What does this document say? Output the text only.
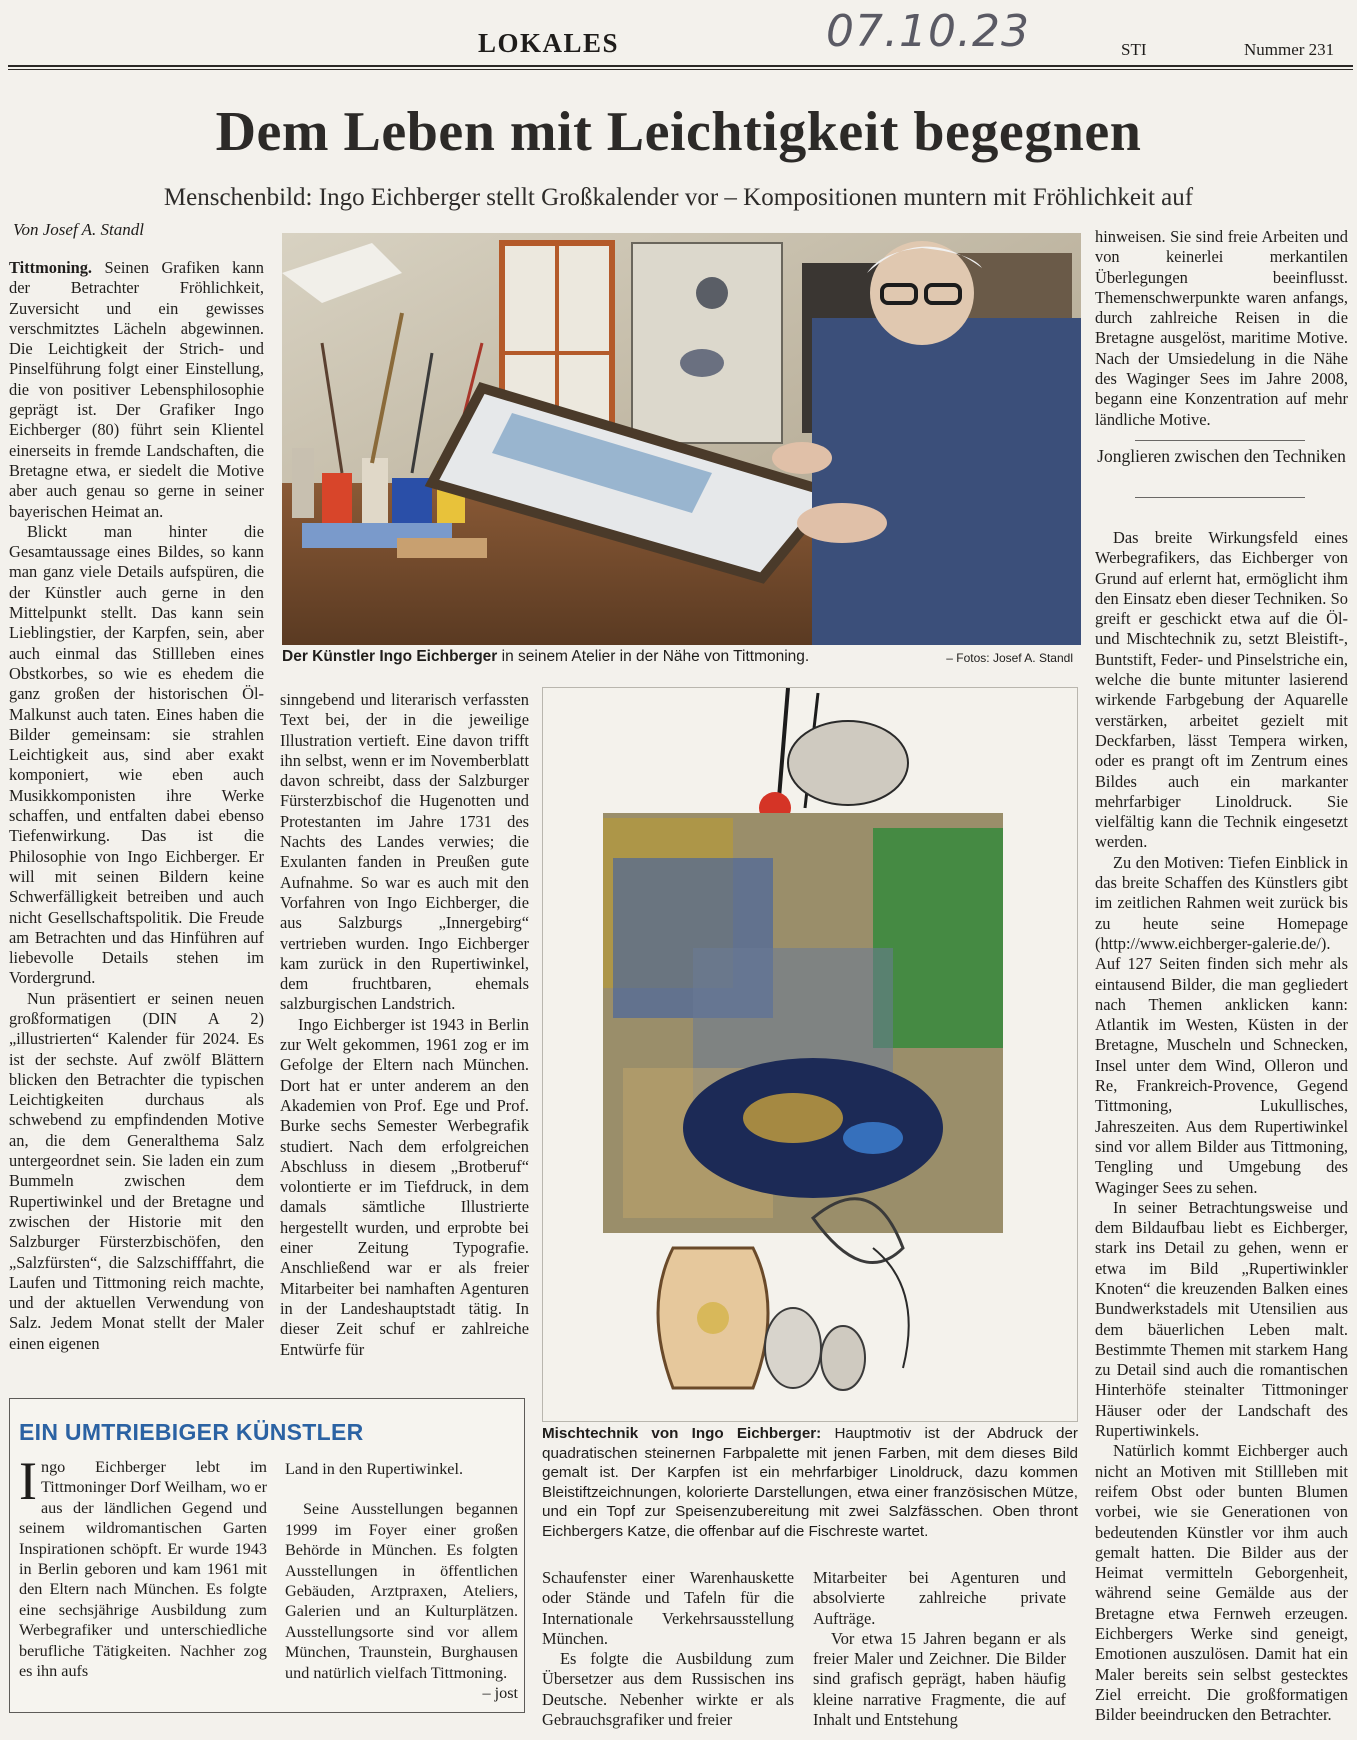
LOKALES	07.10.23	STI	Nummer 231
Dem Leben mit Leichtigkeit begegnen
Menschenbild: Ingo Eichberger stellt Großkalender vor – Kompositionen muntern mit Fröhlichkeit auf
Von Josef A. Standl

Tittmoning. Seinen Grafiken kann der Betrachter Fröhlichkeit, Zuversicht und ein gewisses verschmitztes Lächeln abgewinnen. Die Leichtigkeit der Strich- und Pinselführung folgt einer Einstellung, die von positiver Lebensphilosophie geprägt ist. Der Grafiker Ingo Eichberger (80) führt sein Klientel einerseits in fremde Landschaften, die Bretagne etwa, er siedelt die Motive aber auch genau so gerne in seiner bayerischen Heimat an.

Blickt man hinter die Gesamtaussage eines Bildes, so kann man ganz viele Details aufspüren, die der Künstler auch gerne in den Mittelpunkt stellt. Das kann sein Lieblingstier, der Karpfen, sein, aber auch einmal das Stillleben eines Obstkorbes, so wie es ehedem die ganz großen der historischen Öl-Malkunst auch taten. Eines haben die Bilder gemeinsam: sie strahlen Leichtigkeit aus, sind aber exakt komponiert, wie eben auch Musikkomponisten ihre Werke schaffen, und entfalten dabei ebenso Tiefenwirkung. Das ist die Philosophie von Ingo Eichberger. Er will mit seinen Bildern keine Schwerfälligkeit betreiben und auch nicht Gesellschaftspolitik. Die Freude am Betrachten und das Hinführen auf liebevolle Details stehen im Vordergrund.

Nun präsentiert er seinen neuen großformatigen (DIN A 2) „illustrierten“ Kalender für 2024. Es ist der sechste. Auf zwölf Blättern blicken den Betrachter die typischen Leichtigkeiten durchaus als schwebend zu empfindenden Motive an, die dem Generalthema Salz untergeordnet sein. Sie laden ein zum Bummeln zwischen dem Rupertiwinkel und der Bretagne und zwischen der Historie mit den Salzburger Fürsterzbischöfen, den „Salzfürsten“, die Salzschifffahrt, die Laufen und Tittmoning reich machte, und der aktuellen Verwendung von Salz. Jedem Monat stellt der Maler einen eigenen

Der Künstler Ingo Eichberger in seinem Atelier in der Nähe von Tittmoning.	– Fotos: Josef A. Standl

sinngebend und literarisch verfassten Text bei, der in die jeweilige Illustration vertieft. Eine davon trifft ihn selbst, wenn er im Novemberblatt davon schreibt, dass der Salzburger Fürsterzbischof die Hugenotten und Protestanten im Jahre 1731 des Nachts des Landes verwies; die Exulanten fanden in Preußen gute Aufnahme. So war es auch mit den Vorfahren von Ingo Eichberger, die aus Salzburgs „Innergebirg“ vertrieben wurden. Ingo Eichberger kam zurück in den Rupertiwinkel, dem fruchtbaren, ehemals salzburgischen Landstrich.

Ingo Eichberger ist 1943 in Berlin zur Welt gekommen, 1961 zog er im Gefolge der Eltern nach München. Dort hat er unter anderem an den Akademien von Prof. Ege und Prof. Burke sechs Semester Werbegrafik studiert. Nach dem erfolgreichen Abschluss in diesem „Brotberuf“ volontierte er im Tiefdruck, in dem damals sämtliche Illustrierte hergestellt wurden, und erprobte bei einer Zeitung Typografie. Anschließend war er als freier Mitarbeiter bei namhaften Agenturen in der Landeshauptstadt tätig. In dieser Zeit schuf er zahlreiche Entwürfe für

Mischtechnik von Ingo Eichberger: Hauptmotiv ist der Abdruck der quadratischen steinernen Farbpalette mit jenen Farben, mit dem dieses Bild gemalt ist. Der Karpfen ist ein mehrfarbiger Linoldruck, dazu kommen Bleistiftzeichnungen, kolorierte Darstellungen, etwa einer französischen Mütze, und ein Topf zur Speisenzubereitung mit zwei Salzfässchen. Oben thront Eichbergers Katze, die offenbar auf die Fischreste wartet.

hinweisen. Sie sind freie Arbeiten und von keinerlei merkantilen Überlegungen beeinflusst. Themenschwerpunkte waren anfangs, durch zahlreiche Reisen in die Bretagne ausgelöst, maritime Motive. Nach der Umsiedelung in die Nähe des Waginger Sees im Jahre 2008, begann eine Konzentration auf mehr ländliche Motive.

Jonglieren zwischen den Techniken

Das breite Wirkungsfeld eines Werbegrafikers, das Eichberger von Grund auf erlernt hat, ermöglicht ihm den Einsatz eben dieser Techniken. So greift er geschickt etwa auf die Öl- und Mischtechnik zu, setzt Bleistift-, Buntstift, Feder- und Pinselstriche ein, welche die bunte mitunter lasierend wirkende Farbgebung der Aquarelle verstärken, arbeitet gezielt mit Deckfarben, lässt Tempera wirken, oder es prangt oft im Zentrum eines Bildes auch ein markanter mehrfarbiger Linoldruck. Sie vielfältig kann die Technik eingesetzt werden.

Zu den Motiven: Tiefen Einblick in das breite Schaffen des Künstlers gibt im zeitlichen Rahmen weit zurück bis zu heute seine Homepage (http://www.eichberger-galerie.de/). Auf 127 Seiten finden sich mehr als eintausend Bilder, die man gegliedert nach Themen anklicken kann: Atlantik im Westen, Küsten in der Bretagne, Muscheln und Schnecken, Insel unter dem Wind, Olleron und Re, Frankreich-Provence, Gegend Tittmoning, Lukullisches, Jahreszeiten. Aus dem Rupertiwinkel sind vor allem Bilder aus Tittmoning, Tengling und Umgebung des Waginger Sees zu sehen.

In seiner Betrachtungsweise und dem Bildaufbau liebt es Eichberger, stark ins Detail zu gehen, wenn er etwa im Bild „Rupertiwinkler Knoten“ die kreuzenden Balken eines Bundwerkstadels mit Utensilien aus dem bäuerlichen Leben malt. Bestimmte Themen mit starkem Hang zu Detail sind auch die romantischen Hinterhöfe steinalter Tittmoninger Häuser oder der Landschaft des Rupertiwinkels.

Natürlich kommt Eichberger auch nicht an Motiven mit Stillleben mit reifem Obst oder bunten Blumen vorbei, wie sie Generationen von bedeutenden Künstler vor ihm auch gemalt hatten. Die Bilder aus der Heimat vermitteln Geborgenheit, während seine Gemälde aus der Bretagne etwa Fernweh erzeugen. Eichbergers Werke sind geneigt, Emotionen auszulösen. Damit hat ein Maler bereits sein selbst gestecktes Ziel erreicht. Die großformatigen Bilder beeindrucken den Betrachter.

Schaufenster einer Warenhauskette oder Stände und Tafeln für die Internationale Verkehrsausstellung München.

Es folgte die Ausbildung zum Übersetzer aus dem Russischen ins Deutsche. Nebenher wirkte er als Gebrauchsgrafiker und freier

Mitarbeiter bei Agenturen und absolvierte zahlreiche private Aufträge.

Vor etwa 15 Jahren begann er als freier Maler und Zeichner. Die Bilder sind grafisch geprägt, haben häufig kleine narrative Fragmente, die auf Inhalt und Entstehung

EIN UMTRIEBIGER KÜNSTLER
Ingo Eichberger lebt im Tittmoninger Dorf Weilham, wo er aus der ländlichen Gegend und seinem wildromantischen Garten Inspirationen schöpft. Er wurde 1943 in Berlin geboren und kam 1961 mit den Eltern nach München. Es folgte eine sechsjährige Ausbildung zum Werbegrafiker und unterschiedliche berufliche Tätigkeiten. Nachher zog es ihn aufs

Land in den Rupertiwinkel.

Seine Ausstellungen begannen 1999 im Foyer einer großen Behörde in München. Es folgten Ausstellungen in öffentlichen Gebäuden, Arztpraxen, Ateliers, Galerien und an Kulturplätzen. Ausstellungsorte sind vor allem München, Traunstein, Burghausen und natürlich vielfach Tittmoning.

– jost
